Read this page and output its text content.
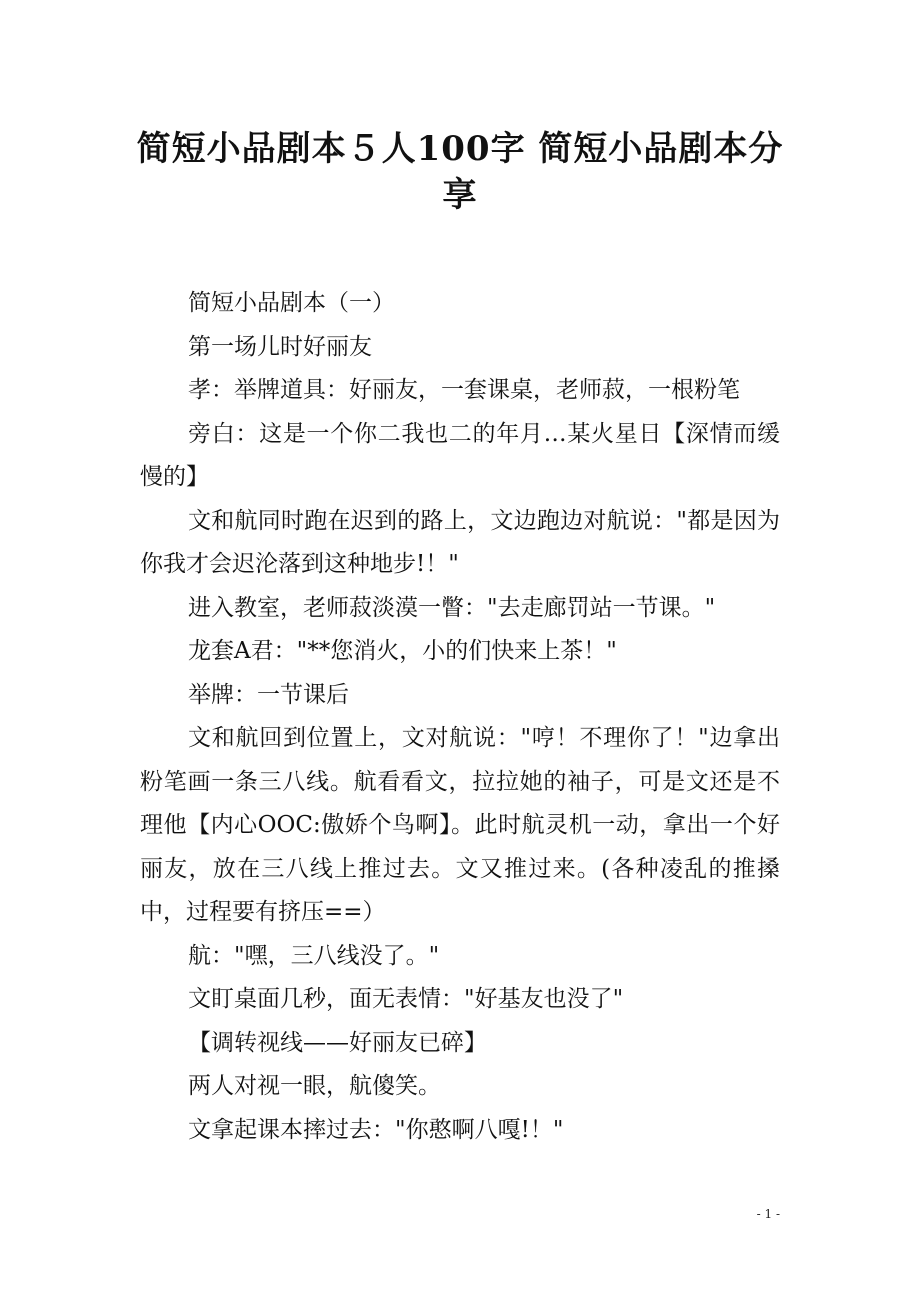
简短小品剧本５人100字 简短小品剧本分享

简短小品剧本（一）

第一场儿时好丽友

孝：举牌道具：好丽友，一套课桌，老师菽，一根粉笔

旁白：这是一个你二我也二的年月…某火星日【深情而缓慢的】

文和航同时跑在迟到的路上，文边跑边对航说："都是因为你我才会迟沦落到这种地步!！"

进入教室，老师菽淡漠一瞥："去走廊罚站一节课。"

龙套A君："**您消火，小的们快来上茶！"

举牌：一节课后

文和航回到位置上，文对航说："哼！不理你了！"边拿出粉笔画一条三八线。航看看文，拉拉她的袖子，可是文还是不理他【内心OOC:傲娇个鸟啊】。此时航灵机一动，拿出一个好丽友，放在三八线上推过去。文又推过来。(各种凌乱的推搡中，过程要有挤压==）

航："嘿，三八线没了。"

文盯桌面几秒，面无表情："好基友也没了"

【调转视线——好丽友已碎】

两人对视一眼，航傻笑。

文拿起课本摔过去："你憨啊八嘎!！"

- 1 -
